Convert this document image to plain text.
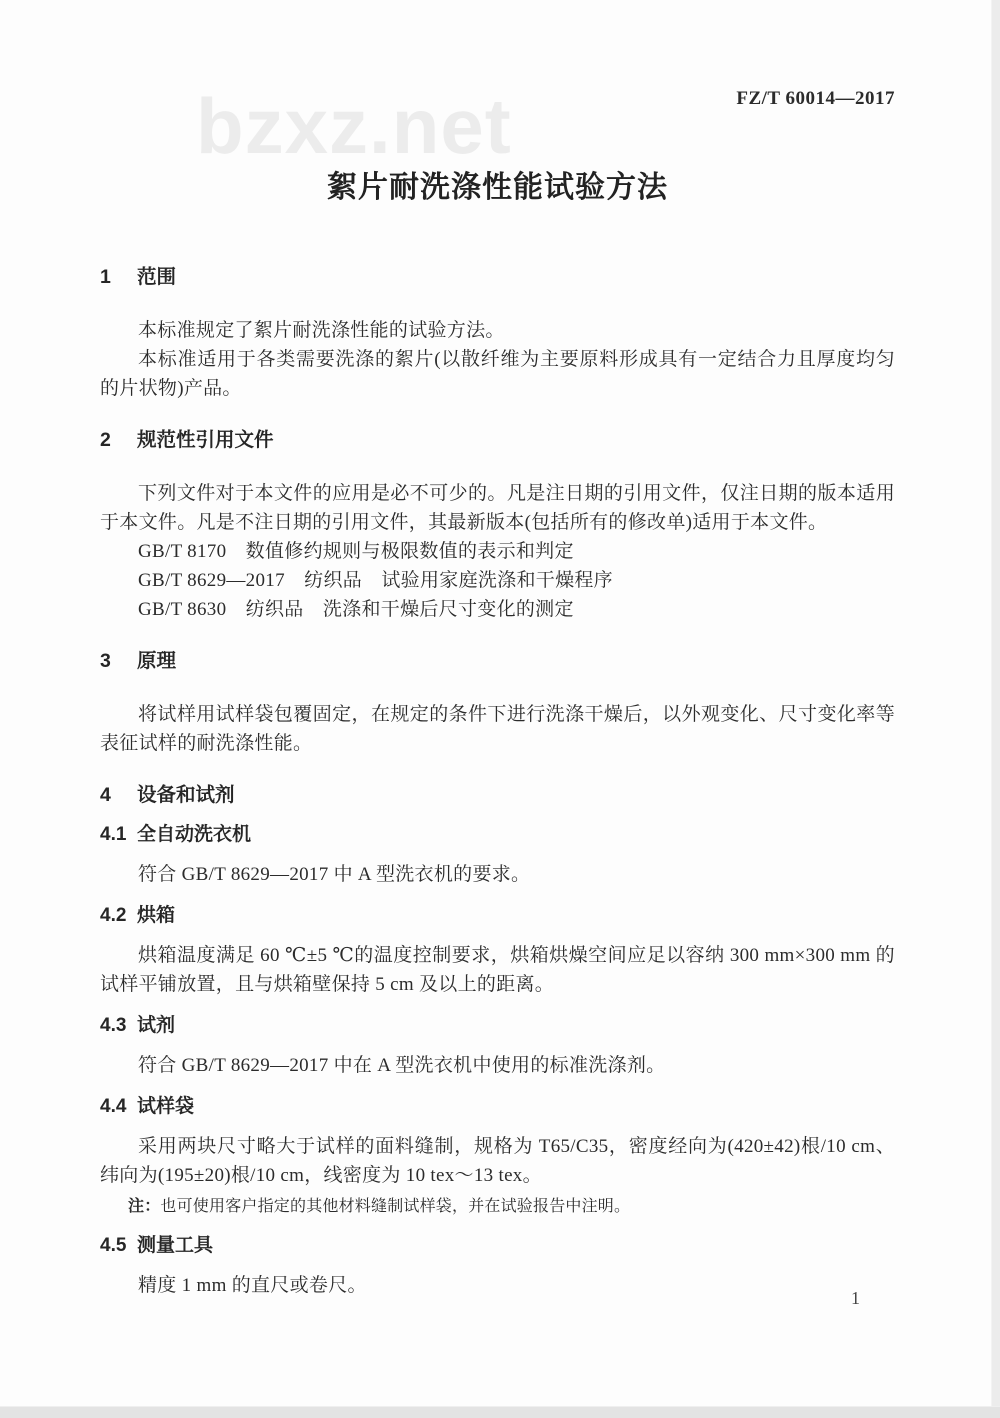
bzxz.net	FZ/T 60014—2017
絮片耐洗涤性能试验方法
1 范围

本标准规定了絮片耐洗涤性能的试验方法。

本标准适用于各类需要洗涤的絮片(以散纤维为主要原料形成具有一定结合力且厚度均匀的片状物)产品。

2 规范性引用文件

下列文件对于本文件的应用是必不可少的。凡是注日期的引用文件，仅注日期的版本适用于本文件。凡是不注日期的引用文件，其最新版本(包括所有的修改单)适用于本文件。

GB/T 8170　数值修约规则与极限数值的表示和判定

GB/T 8629—2017　纺织品　试验用家庭洗涤和干燥程序

GB/T 8630　纺织品　洗涤和干燥后尺寸变化的测定

3 原理

将试样用试样袋包覆固定，在规定的条件下进行洗涤干燥后，以外观变化、尺寸变化率等表征试样的耐洗涤性能。

4 设备和试剂
4.1 全自动洗衣机

符合 GB/T 8629—2017 中 A 型洗衣机的要求。

4.2 烘箱

烘箱温度满足 60 ℃±5 ℃的温度控制要求，烘箱烘燥空间应足以容纳 300 mm×300 mm 的试样平铺放置，且与烘箱壁保持 5 cm 及以上的距离。

4.3 试剂

符合 GB/T 8629—2017 中在 A 型洗衣机中使用的标准洗涤剂。

4.4 试样袋

采用两块尺寸略大于试样的面料缝制，规格为 T65/C35，密度经向为(420±42)根/10 cm、纬向为(195±20)根/10 cm，线密度为 10 tex～13 tex。

注：也可使用客户指定的其他材料缝制试样袋，并在试验报告中注明。

4.5 测量工具

精度 1 mm 的直尺或卷尺。

1
